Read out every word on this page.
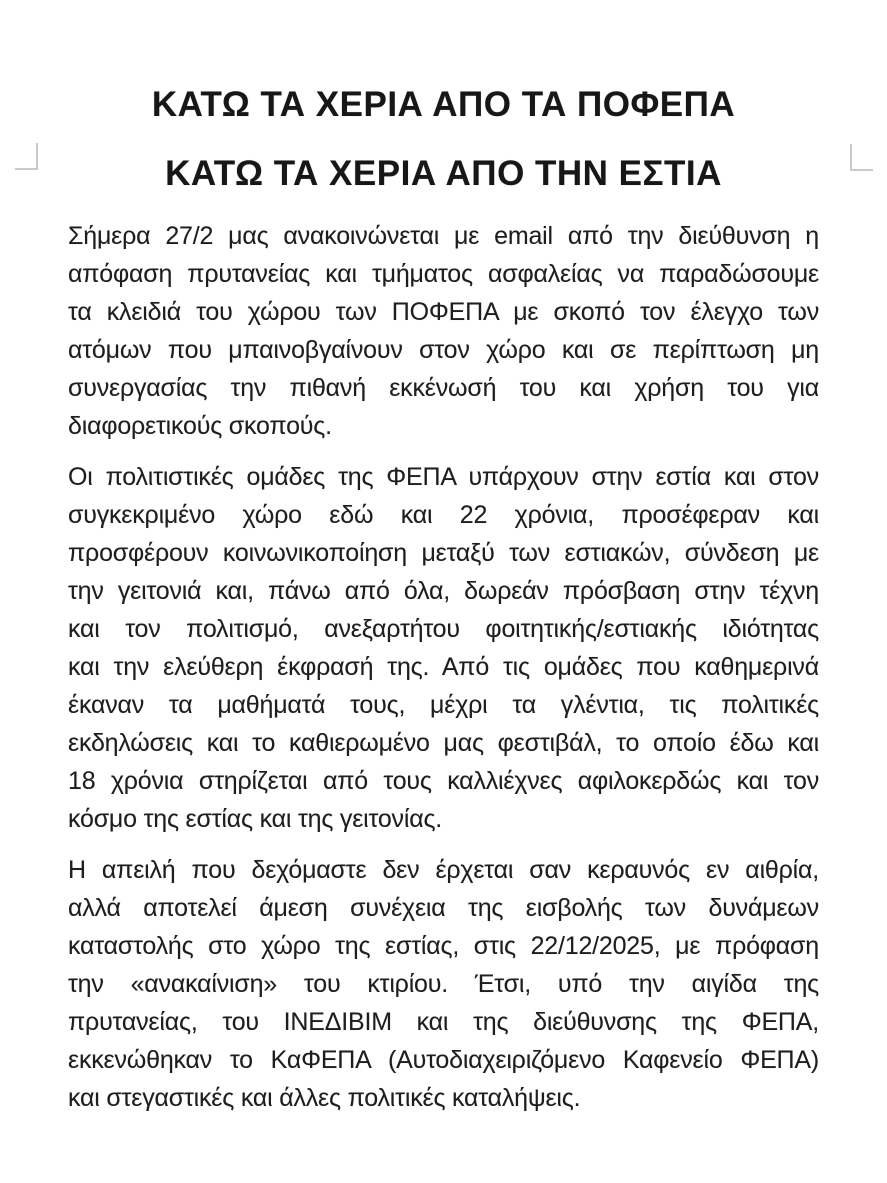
ΚΑΤΩ ΤΑ ΧΕΡΙΑ ΑΠΟ ΤΑ ΠΟΦΕΠΑ
ΚΑΤΩ ΤΑ ΧΕΡΙΑ ΑΠΟ ΤΗΝ ΕΣΤΙΑ
Σήμερα 27/2 μας ανακοινώνεται με email από την διεύθυνση η
απόφαση πρυτανείας και τμήματος ασφαλείας να παραδώσουμε
τα κλειδιά του χώρου των ΠΟΦΕΠΑ με σκοπό τον έλεγχο των
ατόμων που μπαινοβγαίνουν στον χώρο και σε περίπτωση μη
συνεργασίας την πιθανή εκκένωσή του και χρήση του για
διαφορετικούς σκοπούς.
Οι πολιτιστικές ομάδες της ΦΕΠΑ υπάρχουν στην εστία και στον
συγκεκριμένο χώρο εδώ και 22 χρόνια, προσέφεραν και
προσφέρουν κοινωνικοποίηση μεταξύ των εστιακών, σύνδεση με
την γειτονιά και, πάνω από όλα, δωρεάν πρόσβαση στην τέχνη
και τον πολιτισμό, ανεξαρτήτου φοιτητικής/εστιακής ιδιότητας
και την ελεύθερη έκφρασή της. Από τις ομάδες που καθημερινά
έκαναν τα μαθήματά τους, μέχρι τα γλέντια, τις πολιτικές
εκδηλώσεις και το καθιερωμένο μας φεστιβάλ, το οποίο έδω και
18 χρόνια στηρίζεται από τους καλλιέχνες αφιλοκερδώς και τον
κόσμο της εστίας και της γειτονίας.
Η απειλή που δεχόμαστε δεν έρχεται σαν κεραυνός εν αιθρία,
αλλά αποτελεί άμεση συνέχεια της εισβολής των δυνάμεων
καταστολής στο χώρο της εστίας, στις 22/12/2025, με πρόφαση
την «ανακαίνιση» του κτιρίου. Έτσι, υπό την αιγίδα της
πρυτανείας, του ΙΝΕΔΙΒΙΜ και της διεύθυνσης της ΦΕΠΑ,
εκκενώθηκαν το ΚαΦΕΠΑ (Αυτοδιαχειριζόμενο Καφενείο ΦΕΠΑ)
και στεγαστικές και άλλες πολιτικές καταλήψεις.
